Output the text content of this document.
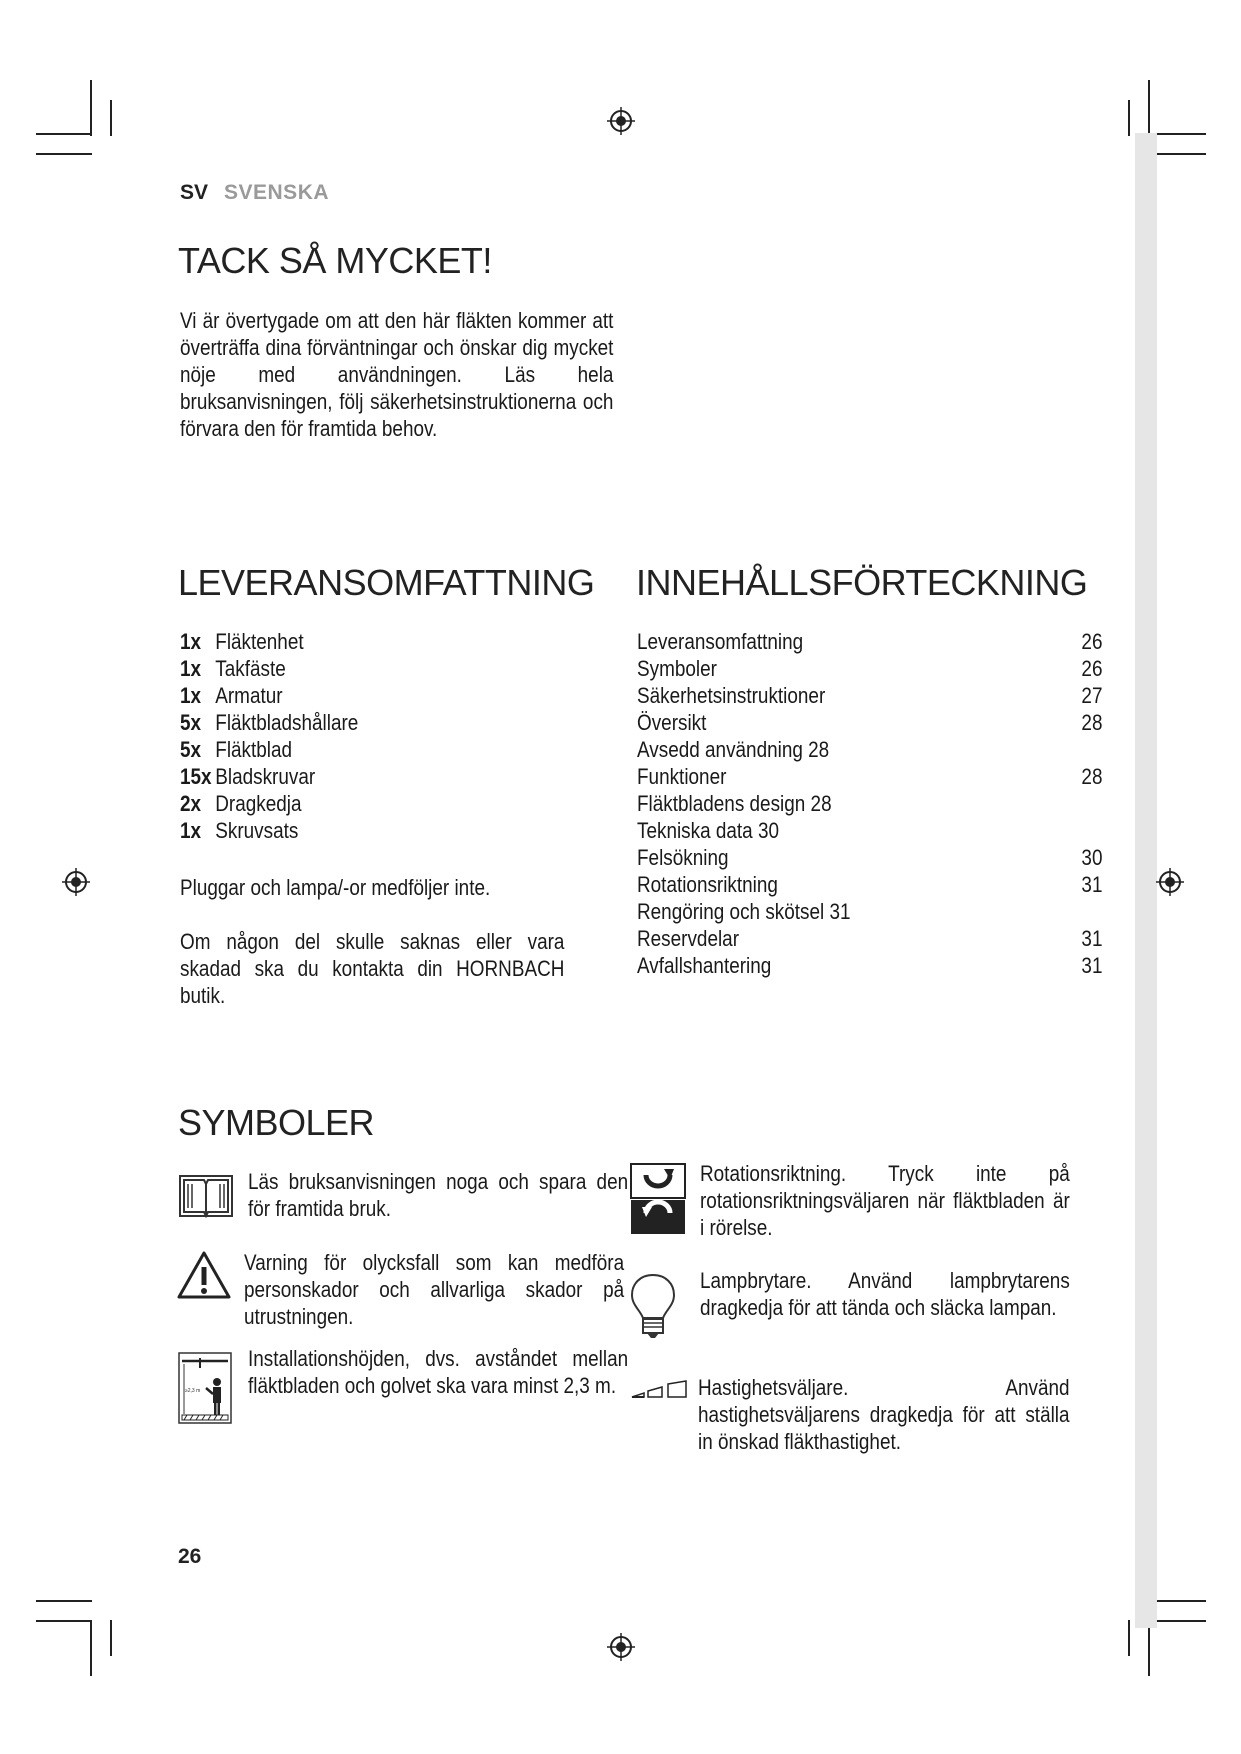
SV SVENSKA
TACK SÅ MYCKET!
Vi är övertygade om att den här fläkten kommer att överträffa dina förväntningar och önskar dig mycket nöje med användningen. Läs hela bruksanvisningen, följ säkerhetsinstruktionerna och förvara den för framtida behov.
LEVERANSOMFATTNING
1x Fläktenhet
1x Takfäste
1x Armatur
5x Fläktbladshållare
5x Fläktblad
15x Bladskruvar
2x Dragkedja
1x Skruvsats
Pluggar och lampa/-or medföljer inte.
Om någon del skulle saknas eller vara skadad ska du kontakta din HORNBACH butik.
INNEHÅLLSFÖRTECKNING
Leveransomfattning	26
Symboler	26
Säkerhetsinstruktioner	27
Översikt	28
Avsedd användning 28
Funktioner	28
Fläktbladens design 28
Tekniska data 30
Felsökning	30
Rotationsriktning	31
Rengöring och skötsel 31
Reservdelar	31
Avfallshantering	31
SYMBOLER
Läs bruksanvisningen noga och spara den för framtida bruk.
Varning för olycksfall som kan medföra personskador och allvarliga skador på utrustningen.
≥2,3 m
Installationshöjden, dvs. avståndet mellan fläktbladen och golvet ska vara minst 2,3 m.
Rotationsriktning. Tryck inte på rotationsriktningsväljaren när fläktbladen är i rörelse.
Lampbrytare. Använd lampbrytarens dragkedja för att tända och släcka lampan.
Hastighetsväljare. Använd hastighetsväljarens dragkedja för att ställa in önskad fläkthastighet.
26
